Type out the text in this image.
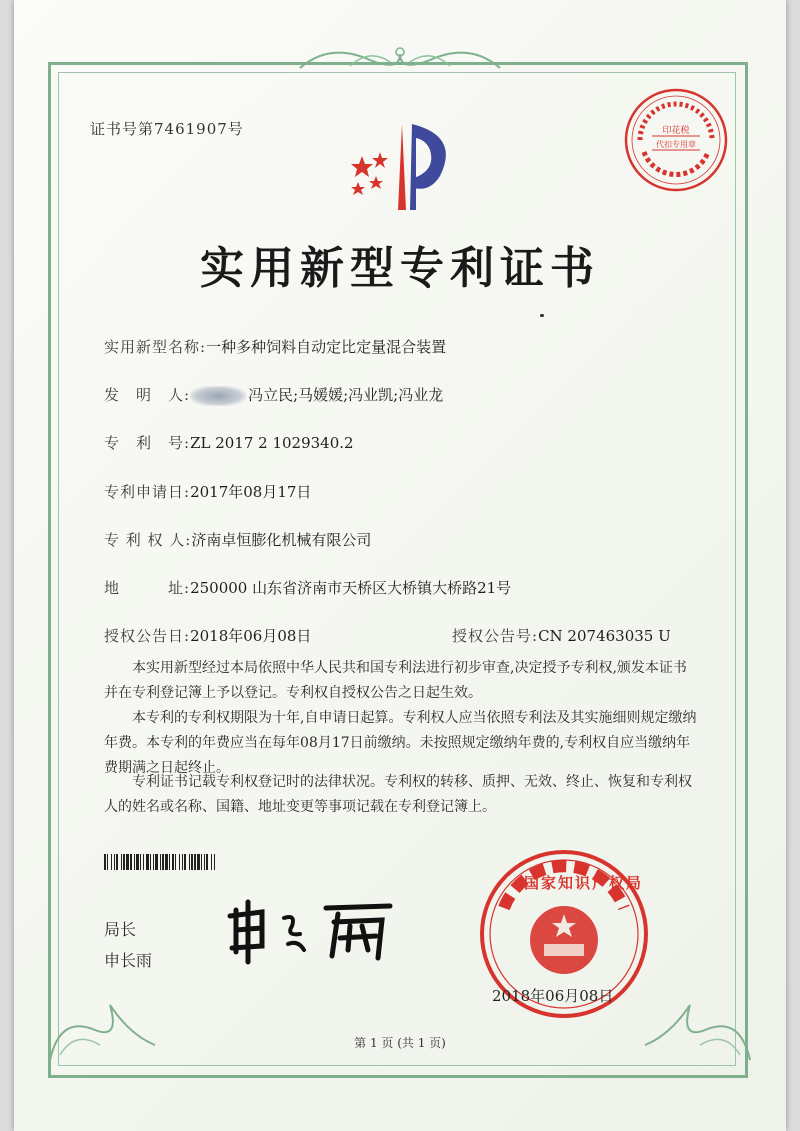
证书号第7461907号	印花税
代扣专用章
实用新型专利证书
实用新型名称:一种多种饲料自动定比定量混合装置
发　明　人:	冯立民;马媛媛;冯业凯;冯业龙
专　利　号:ZL 2017 2 1029340.2
专利申请日:2017年08月17日
专 利 权 人:济南卓恒膨化机械有限公司
地　　　址:250000 山东省济南市天桥区大桥镇大桥路21号
授权公告日:2018年06月08日	授权公告号:CN 207463035 U
本实用新型经过本局依照中华人民共和国专利法进行初步审查,决定授予专利权,颁发本证书并在专利登记簿上予以登记。专利权自授权公告之日起生效。
本专利的专利权期限为十年,自申请日起算。专利权人应当依照专利法及其实施细则规定缴纳年费。本专利的年费应当在每年08月17日前缴纳。未按照规定缴纳年费的,专利权自应当缴纳年费期满之日起终止。
专利证书记载专利权登记时的法律状况。专利权的转移、质押、无效、终止、恢复和专利权人的姓名或名称、国籍、地址变更等事项记载在专利登记簿上。
局长
申长雨
国家知识产权局
2018年06月08日
第 1 页 (共 1 页)
